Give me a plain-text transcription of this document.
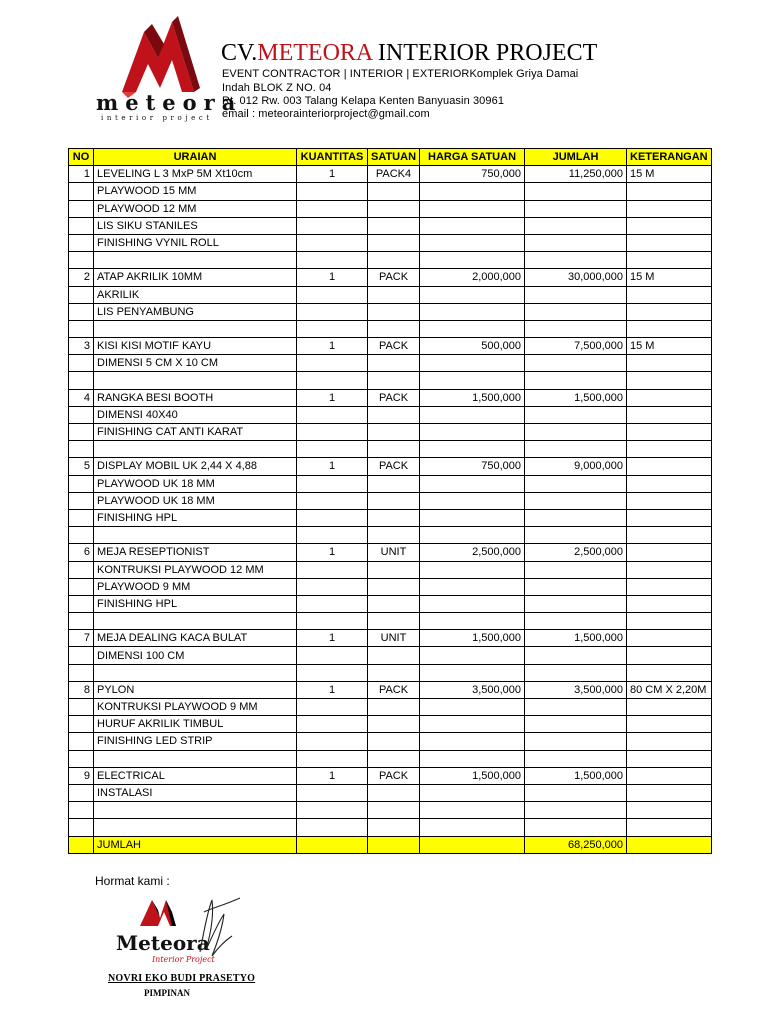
meteora
interior project
CV.METEORA INTERIOR PROJECT
EVENT CONTRACTOR | INTERIOR | EXTERIORKomplek Griya Damai
Indah BLOK Z NO. 04
Rt. 012 Rw. 003 Talang Kelapa Kenten Banyuasin 30961
email : meteorainteriorproject@gmail.com
NO	URAIAN	KUANTITAS	SATUAN	HARGA SATUAN	JUMLAH	KETERANGAN
1	LEVELING L 3 MxP 5M Xt10cm	1	PACK4	750,000	11,250,000	15 M
	PLAYWOOD 15 MM					
	PLAYWOOD 12 MM					
	LIS SIKU STANILES					
	FINISHING VYNIL ROLL					

2	ATAP AKRILIK 10MM	1	PACK	2,000,000	30,000,000	15 M
	AKRILIK					
	LIS PENYAMBUNG					

3	KISI KISI MOTIF KAYU	1	PACK	500,000	7,500,000	15 M
	DIMENSI 5 CM X 10 CM					

4	RANGKA BESI BOOTH	1	PACK	1,500,000	1,500,000	
	DIMENSI 40X40					
	FINISHING CAT ANTI KARAT					

5	DISPLAY MOBIL UK 2,44 X 4,88	1	PACK	750,000	9,000,000	
	PLAYWOOD UK 18 MM					
	PLAYWOOD UK 18 MM					
	FINISHING HPL					

6	MEJA RESEPTIONIST	1	UNIT	2,500,000	2,500,000	
	KONTRUKSI PLAYWOOD 12 MM					
	PLAYWOOD 9 MM					
	FINISHING HPL					

7	MEJA DEALING KACA BULAT	1	UNIT	1,500,000	1,500,000	
	DIMENSI 100 CM					

8	PYLON	1	PACK	3,500,000	3,500,000	80 CM X 2,20M
	KONTRUKSI PLAYWOOD 9 MM					
	HURUF AKRILIK TIMBUL					
	FINISHING LED STRIP					

9	ELECTRICAL	1	PACK	1,500,000	1,500,000	
	INSTALASI					

	JUMLAH				68,250,000	
Hormat kami :
Meteora
Interior Project
NOVRI EKO BUDI PRASETYO
PIMPINAN
